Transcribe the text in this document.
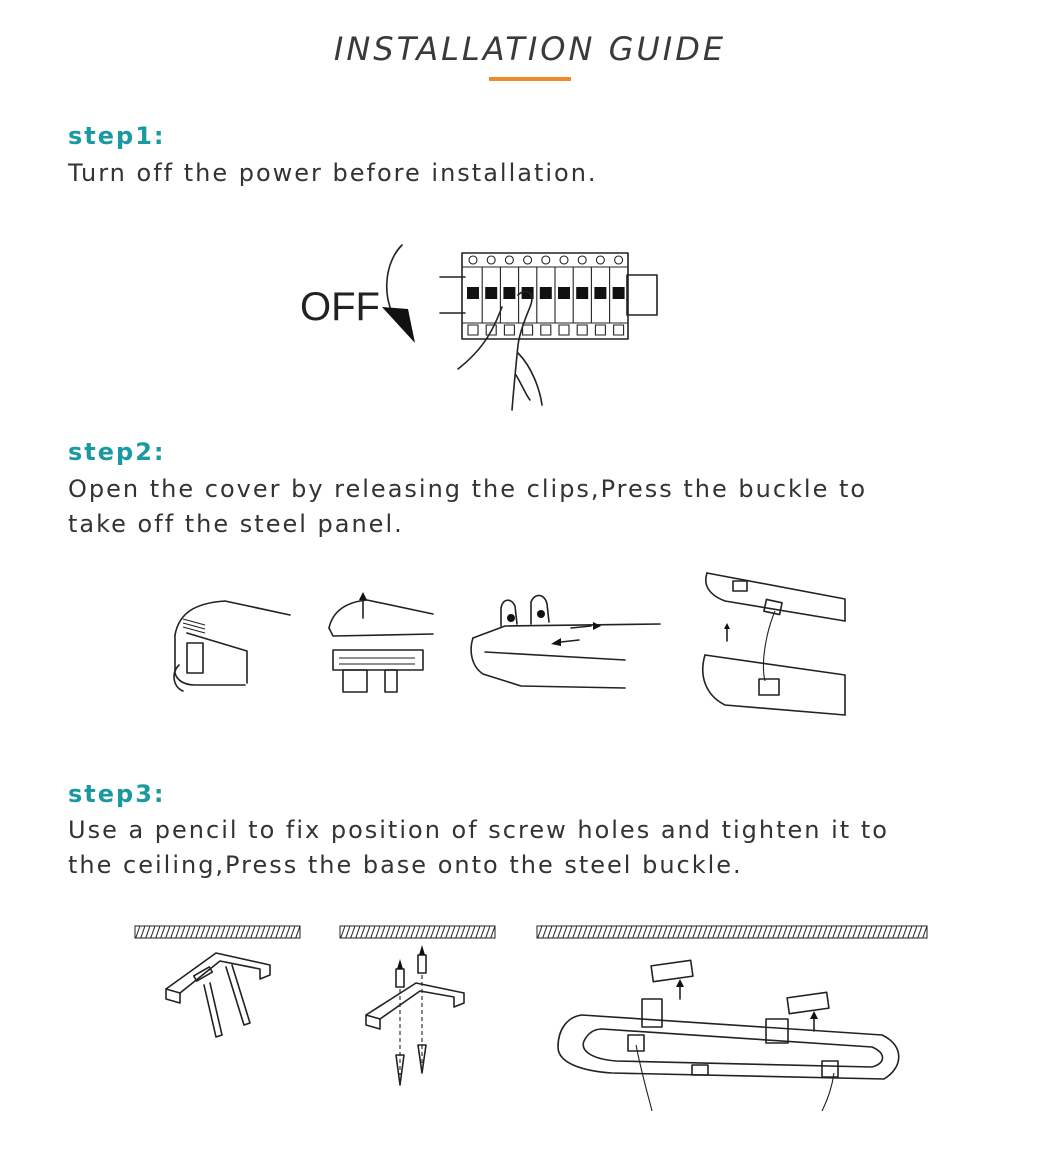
INSTALLATION GUIDE
step1:
Turn off the power before installation.
OFF
step2:
Open the cover by releasing the clips,Press the buckle to
take off the steel panel.
step3:
Use a pencil to fix position of screw holes and tighten it to
the ceiling,Press the base onto the steel buckle.
